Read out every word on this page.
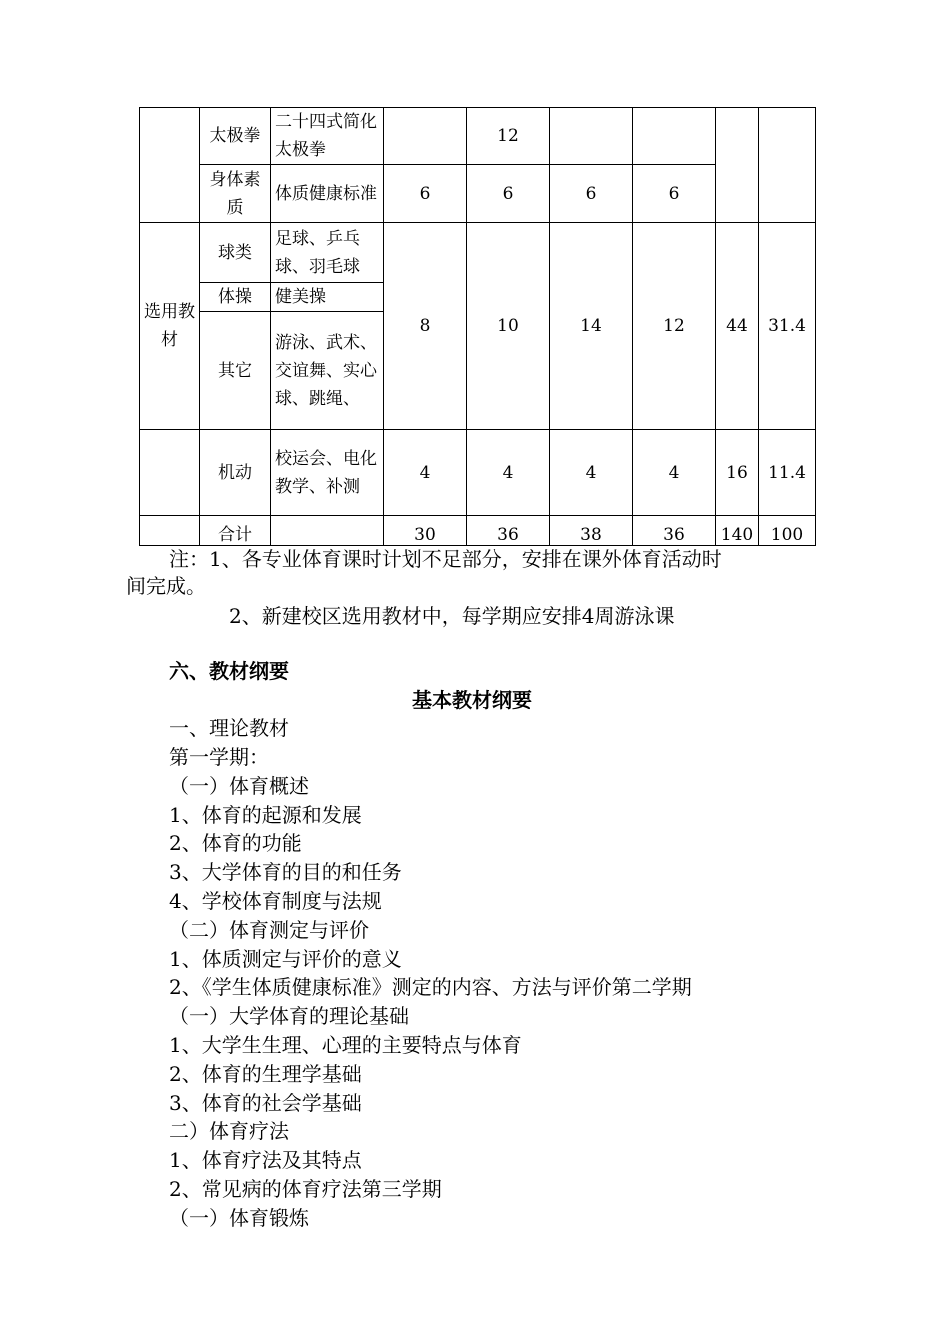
	太极拳	二十四式简化太极拳		12				
	身体素质	体质健康标准	6	6	6	6		
选用教材	球类	足球、乒乓球、羽毛球	8	10	14	12	44	31.4
	体操	健美操						
	其它	游泳、武术、交谊舞、实心球、跳绳、						
	机动	校运会、电化教学、补测	4	4	4	4	16	11.4
	合计		30	36	38	36	140	100
注：1、各专业体育课时计划不足部分，安排在课外体育活动时
间完成。
2、新建校区选用教材中，每学期应安排4周游泳课
六、教材纲要
基本教材纲要
一、理论教材
第一学期：
（一）体育概述
1、体育的起源和发展
2、体育的功能
3、大学体育的目的和任务
4、学校体育制度与法规
（二）体育测定与评价
1、体质测定与评价的意义
2、《学生体质健康标准》测定的内容、方法与评价第二学期
（一）大学体育的理论基础
1、大学生生理、心理的主要特点与体育
2、体育的生理学基础
3、体育的社会学基础
二）体育疗法
1、体育疗法及其特点
2、常见病的体育疗法第三学期
（一）体育锻炼
